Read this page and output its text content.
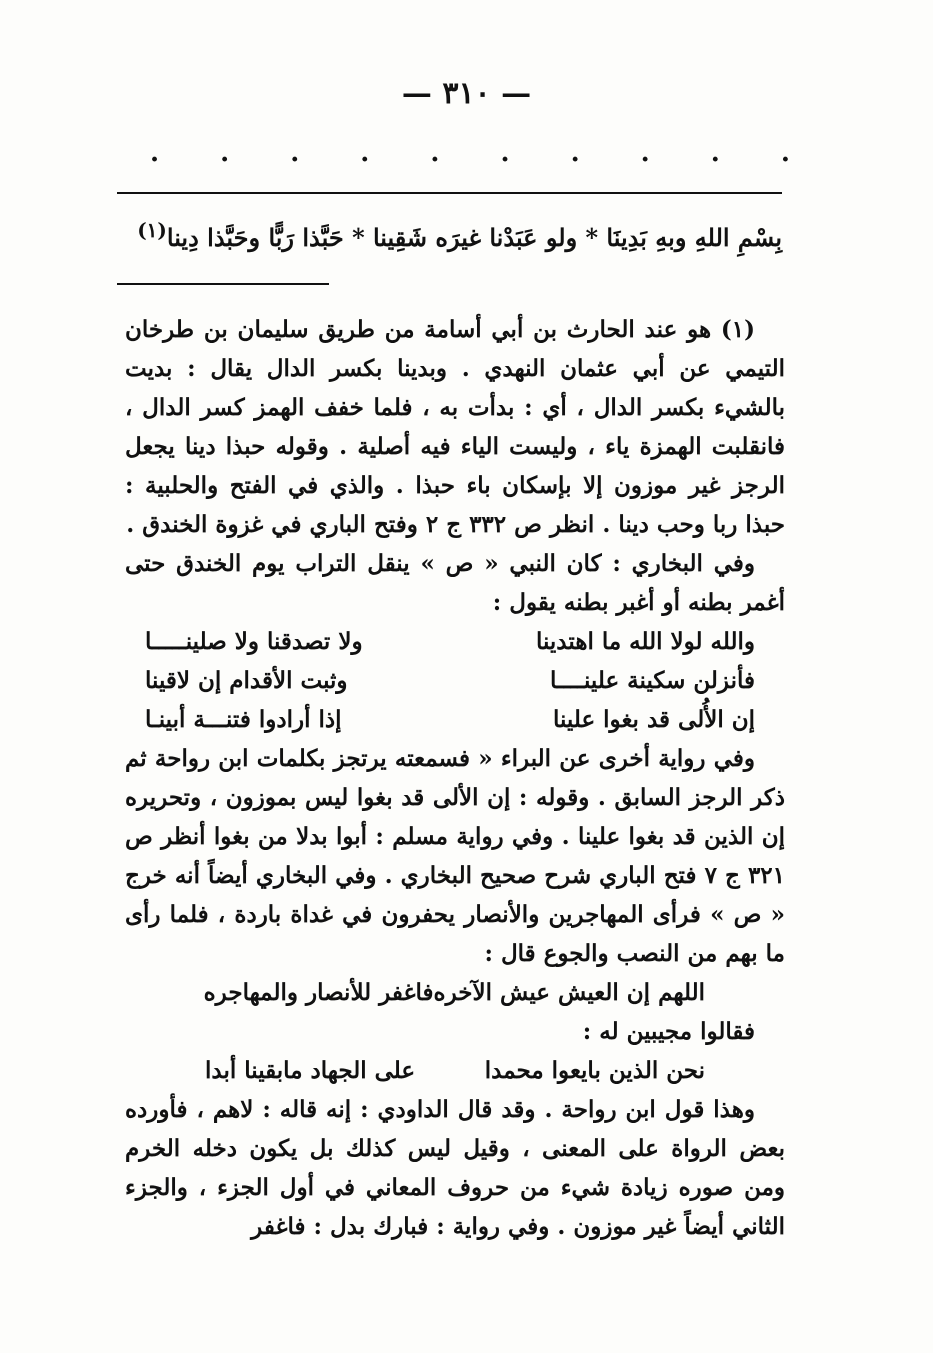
— ٣١٠ —
· · · · · · · · · ·
بِسْمِ اللهِ وبهِ بَدِينَا * ولو عَبَدْنا غيرَه شَقِينا * حَبَّذا رَبًّا وحَبَّذا دِينا$^{(١)}$

(١) هو عند الحارث بن أبي أسامة من طريق سليمان بن طرخان التيمي عن أبي عثمان النهدي . وبدينا بكسر الدال يقال : بديت بالشيء بكسر الدال ، أي : بدأت به ، فلما خفف الهمز كسر الدال ، فانقلبت الهمزة ياء ، وليست الياء فيه أصلية . وقوله حبذا دينا يجعل الرجز غير موزون إلا بإسكان باء حبذا . والذي في الفتح والحلبية : حبذا ربا وحب دينا . انظر ص ٣٣٢ ج ٢ وفتح الباري في غزوة الخندق .

وفي البخاري : كان النبي « ص » ينقل التراب يوم الخندق حتى أغمر بطنه أو أغبر بطنه يقول :

والله لولا الله ما اهتدينا
ولا تصدقنا ولا صلينـــــا
فأنزلن سكينة علينــــا
وثبت الأقدام إن لاقينا
إن الأُلى قد بغوا علينا
إذا أرادوا فتنـــة أبينـا

وفي رواية أخرى عن البراء « فسمعته يرتجز بكلمات ابن رواحة ثم ذكر الرجز السابق . وقوله : إن الألى قد بغوا ليس بموزون ، وتحريره إن الذين قد بغوا علينا . وفي رواية مسلم : أبوا بدلا من بغوا أنظر ص ٣٢١ ج ٧ فتح الباري شرح صحيح البخاري . وفي البخاري أيضاً أنه خرج « ص » فرأى المهاجرين والأنصار يحفرون في غداة باردة ، فلما رأى ما بهم من النصب والجوع قال :

اللهم إن العيش عيش الآخره
فاغفر للأنصار والمهاجره

فقالوا مجيبين له :

نحن الذين بايعوا محمدا
على الجهاد مابقينا أبدا

وهذا قول ابن رواحة . وقد قال الداودي : إنه قاله : لاهم ، فأورده بعض الرواة على المعنى ، وقيل ليس كذلك بل يكون دخله الخرم ومن صوره زيادة شيء من حروف المعاني في أول الجزء ، والجزء الثاني أيضاً غير موزون . وفي رواية : فبارك بدل : فاغفر
